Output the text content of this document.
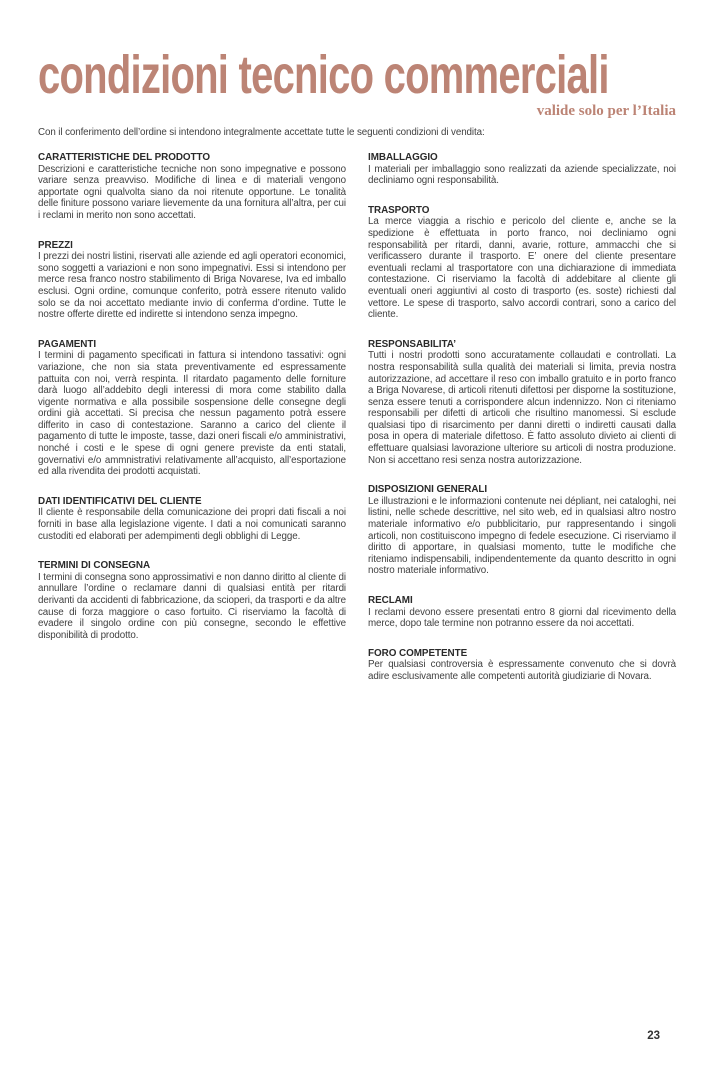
condizioni tecnico commerciali
valide solo per l’Italia
Con il conferimento dell’ordine si intendono integralmente accettate tutte le seguenti condizioni di vendita:
CARATTERISTICHE DEL PRODOTTO

Descrizioni e caratteristiche tecniche non sono impegnative e possono variare senza preavviso. Modifiche di linea e di materiali vengono apportate ogni qualvolta siano da noi ritenute opportune. Le tonalità delle finiture possono variare lievemente da una fornitura all’altra, per cui i reclami in merito non sono accettati.

PREZZI

I prezzi dei nostri listini, riservati alle aziende ed agli operatori economici, sono soggetti a variazioni e non sono impegnativi. Essi si intendono per merce resa franco nostro stabilimento di Briga Novarese, Iva ed imballo esclusi. Ogni ordine, comunque conferito, potrà essere ritenuto valido solo se da noi accettato mediante invio di conferma d’ordine. Tutte le nostre offerte dirette ed indirette si intendono senza impegno.

PAGAMENTI

I termini di pagamento specificati in fattura si intendono tassativi: ogni variazione, che non sia stata preventivamente ed espressamente pattuita con noi, verrà respinta. Il ritardato pagamento delle forniture darà luogo all’addebito degli interessi di mora come stabilito dalla vigente normativa e alla possibile sospensione delle consegne degli ordini già accettati. Si precisa che nessun pagamento potrà essere differito in caso di contestazione. Saranno a carico del cliente il pagamento di tutte le imposte, tasse, dazi oneri fiscali e/o amministrativi, nonché i costi e le spese di ogni genere previste da enti statali, governativi e/o ammnistrativi relativamente all’acquisto, all’esportazione ed alla rivendita dei prodotti acquistati.

DATI IDENTIFICATIVI DEL CLIENTE

Il cliente è responsabile della comunicazione dei propri dati fiscali a noi forniti in base alla legislazione vigente. I dati a noi comunicati saranno custoditi ed elaborati per adempimenti degli obblighi di Legge.

TERMINI DI CONSEGNA

I termini di consegna sono approssimativi e non danno diritto al cliente di annullare l’ordine o reclamare danni di qualsiasi entità per ritardi derivanti da accidenti di fabbricazione, da scioperi, da trasporti e da altre cause di forza maggiore o caso fortuito. Ci riserviamo la facoltà di evadere il singolo ordine con più consegne, secondo le effettive disponibilità di prodotto.

IMBALLAGGIO

I materiali per imballaggio sono realizzati da aziende specializzate, noi decliniamo ogni responsabilità.

TRASPORTO

La merce viaggia a rischio e pericolo del cliente e, anche se la spedizione è effettuata in porto franco, noi decliniamo ogni responsabilità per ritardi, danni, avarie, rotture, ammacchi che si verificassero durante il trasporto. E’ onere del cliente presentare eventuali reclami al trasportatore con una dichiarazione di immediata contestazione. Ci riserviamo la facoltà di addebitare al cliente gli eventuali oneri aggiuntivi al costo di trasporto (es. soste) richiesti dal vettore. Le spese di trasporto, salvo accordi contrari, sono a carico del cliente.

RESPONSABILITA’

Tutti i nostri prodotti sono accuratamente collaudati e controllati. La nostra responsabilità sulla qualità dei materiali si limita, previa nostra autorizzazione, ad accettare il reso con imballo gratuito e in porto franco a Briga Novarese, di articoli ritenuti difettosi per disporne la sostituzione, senza essere tenuti a corrispondere alcun indennizzo. Non ci riteniamo responsabili per difetti di articoli che risultino manomessi. Si esclude qualsiasi tipo di risarcimento per danni diretti o indiretti causati dalla posa in opera di materiale difettoso. È fatto assoluto divieto ai clienti di effettuare qualsiasi lavorazione ulteriore su articoli di nostra produzione. Non si accettano resi senza nostra autorizzazione.

DISPOSIZIONI GENERALI

Le illustrazioni e le informazioni contenute nei dépliant, nei cataloghi, nei listini, nelle schede descrittive, nel sito web, ed in qualsiasi altro nostro materiale informativo e/o pubblicitario, pur rappresentando i singoli articoli, non costituiscono impegno di fedele esecuzione. Ci riserviamo il diritto di apportare, in qualsiasi momento, tutte le modifiche che riteniamo indispensabili, indipendentemente da quanto descritto in ogni nostro materiale informativo.

RECLAMI

I reclami devono essere presentati entro 8 giorni dal ricevimento della merce, dopo tale termine non potranno essere da noi accettati.

FORO COMPETENTE

Per qualsiasi controversia è espressamente convenuto che si dovrà adire esclusivamente alle competenti autorità giudiziarie di Novara.

23
